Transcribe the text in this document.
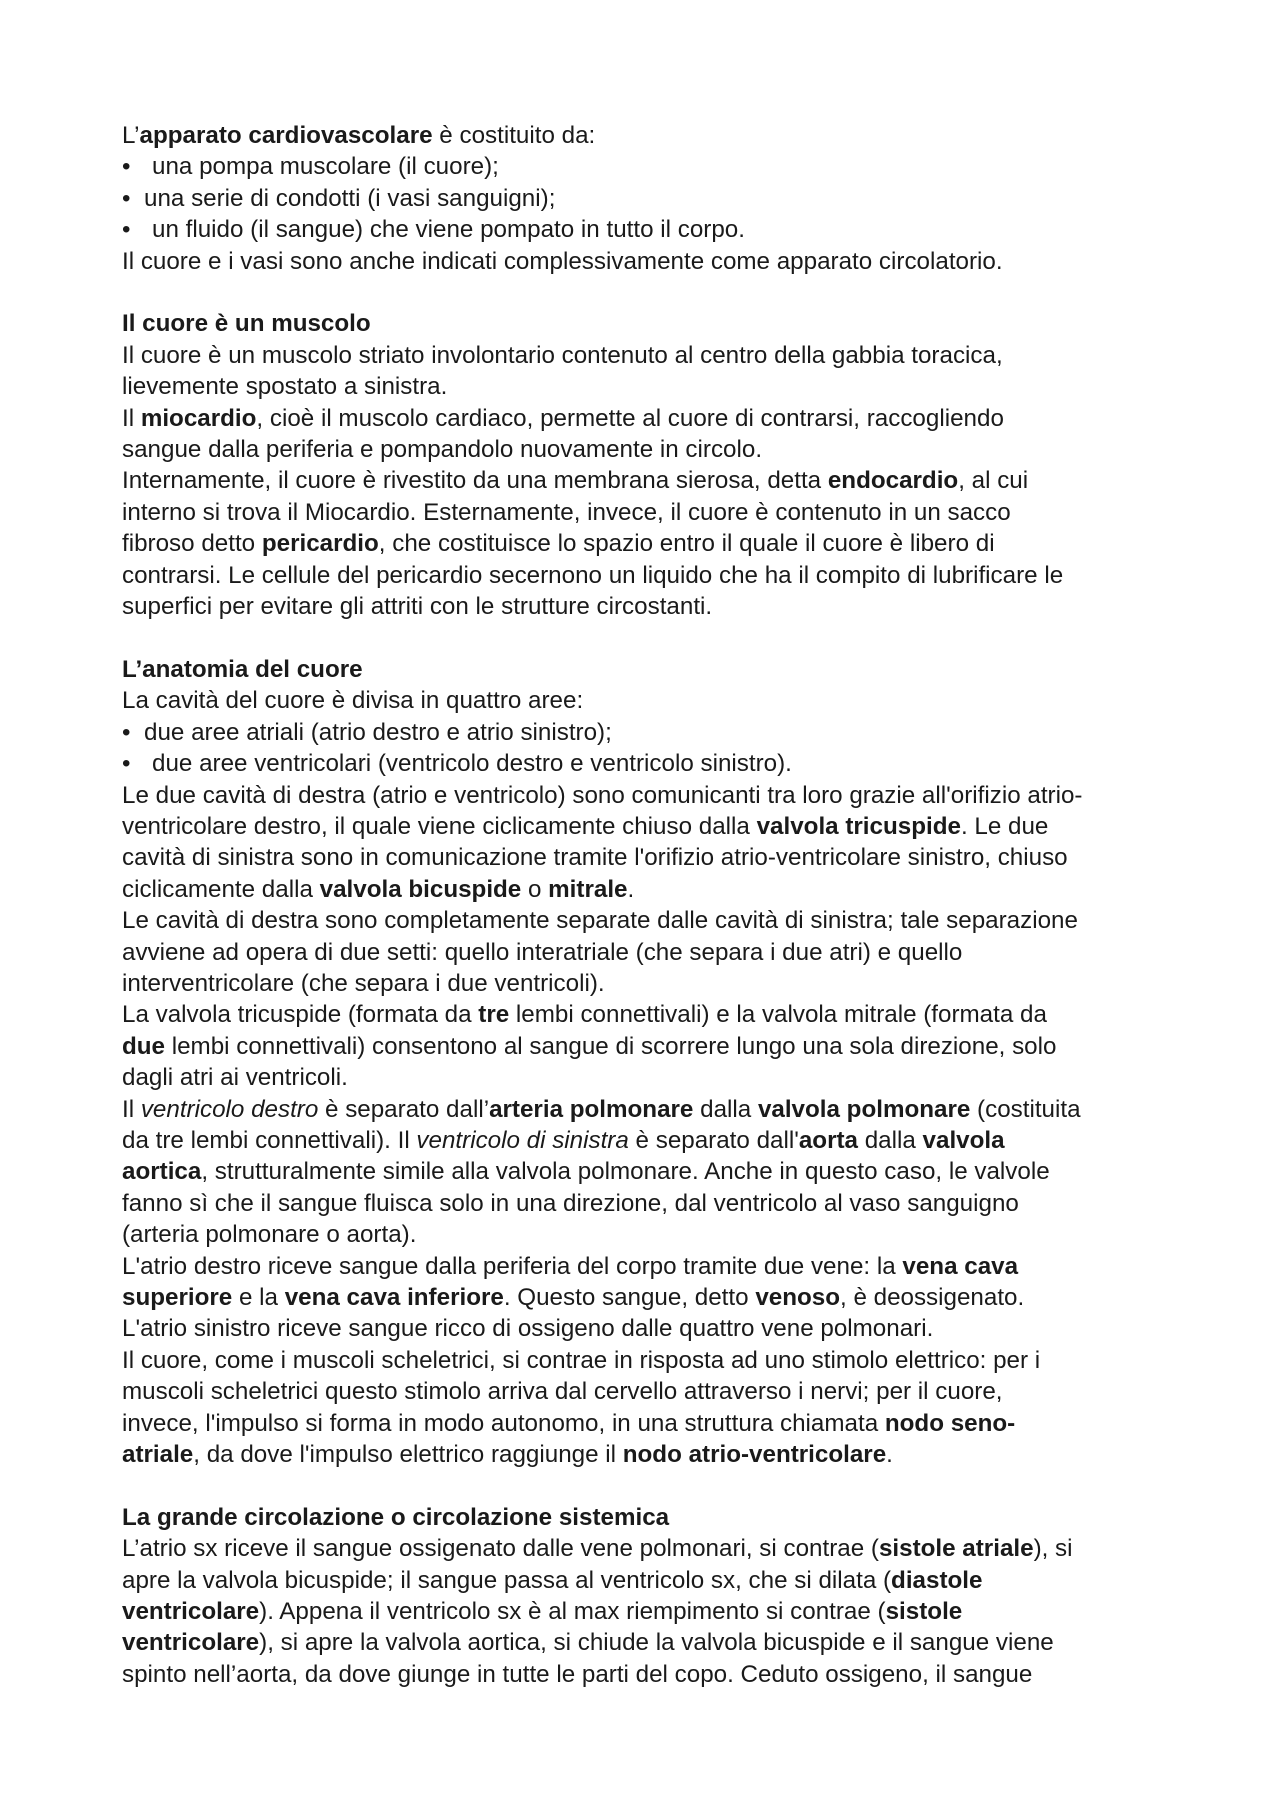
L’apparato cardiovascolare è costituito da:
• una pompa muscolare (il cuore);
• una serie di condotti (i vasi sanguigni);
• un fluido (il sangue) che viene pompato in tutto il corpo.
Il cuore e i vasi sono anche indicati complessivamente come apparato circolatorio.
Il cuore è un muscolo
Il cuore è un muscolo striato involontario contenuto al centro della gabbia toracica,
lievemente spostato a sinistra.
Il miocardio, cioè il muscolo cardiaco, permette al cuore di contrarsi, raccogliendo
sangue dalla periferia e pompandolo nuovamente in circolo.
Internamente, il cuore è rivestito da una membrana sierosa, detta endocardio, al cui
interno si trova il Miocardio. Esternamente, invece, il cuore è contenuto in un sacco
fibroso detto pericardio, che costituisce lo spazio entro il quale il cuore è libero di
contrarsi. Le cellule del pericardio secernono un liquido che ha il compito di lubrificare le
superfici per evitare gli attriti con le strutture circostanti.
L’anatomia del cuore
La cavità del cuore è divisa in quattro aree:
• due aree atriali (atrio destro e atrio sinistro);
• due aree ventricolari (ventricolo destro e ventricolo sinistro).
Le due cavità di destra (atrio e ventricolo) sono comunicanti tra loro grazie all'orifizio atrio-
ventricolare destro, il quale viene ciclicamente chiuso dalla valvola tricuspide. Le due
cavità di sinistra sono in comunicazione tramite l'orifizio atrio-ventricolare sinistro, chiuso
ciclicamente dalla valvola bicuspide o mitrale.
Le cavità di destra sono completamente separate dalle cavità di sinistra; tale separazione
avviene ad opera di due setti: quello interatriale (che separa i due atri) e quello
interventricolare (che separa i due ventricoli).
La valvola tricuspide (formata da tre lembi connettivali) e la valvola mitrale (formata da
due lembi connettivali) consentono al sangue di scorrere lungo una sola direzione, solo
dagli atri ai ventricoli.
Il ventricolo destro è separato dall’arteria polmonare dalla valvola polmonare (costituita
da tre lembi connettivali). Il ventricolo di sinistra è separato dall'aorta dalla valvola
aortica, strutturalmente simile alla valvola polmonare. Anche in questo caso, le valvole
fanno sì che il sangue fluisca solo in una direzione, dal ventricolo al vaso sanguigno
(arteria polmonare o aorta).
L'atrio destro riceve sangue dalla periferia del corpo tramite due vene: la vena cava
superiore e la vena cava inferiore. Questo sangue, detto venoso, è deossigenato.
L'atrio sinistro riceve sangue ricco di ossigeno dalle quattro vene polmonari.
Il cuore, come i muscoli scheletrici, si contrae in risposta ad uno stimolo elettrico: per i
muscoli scheletrici questo stimolo arriva dal cervello attraverso i nervi; per il cuore,
invece, l'impulso si forma in modo autonomo, in una struttura chiamata nodo seno-
atriale, da dove l'impulso elettrico raggiunge il nodo atrio-ventricolare.
La grande circolazione o circolazione sistemica
L’atrio sx riceve il sangue ossigenato dalle vene polmonari, si contrae (sistole atriale), si
apre la valvola bicuspide; il sangue passa al ventricolo sx, che si dilata (diastole
ventricolare). Appena il ventricolo sx è al max riempimento si contrae (sistole
ventricolare), si apre la valvola aortica, si chiude la valvola bicuspide e il sangue viene
spinto nell’aorta, da dove giunge in tutte le parti del copo. Ceduto ossigeno, il sangue
